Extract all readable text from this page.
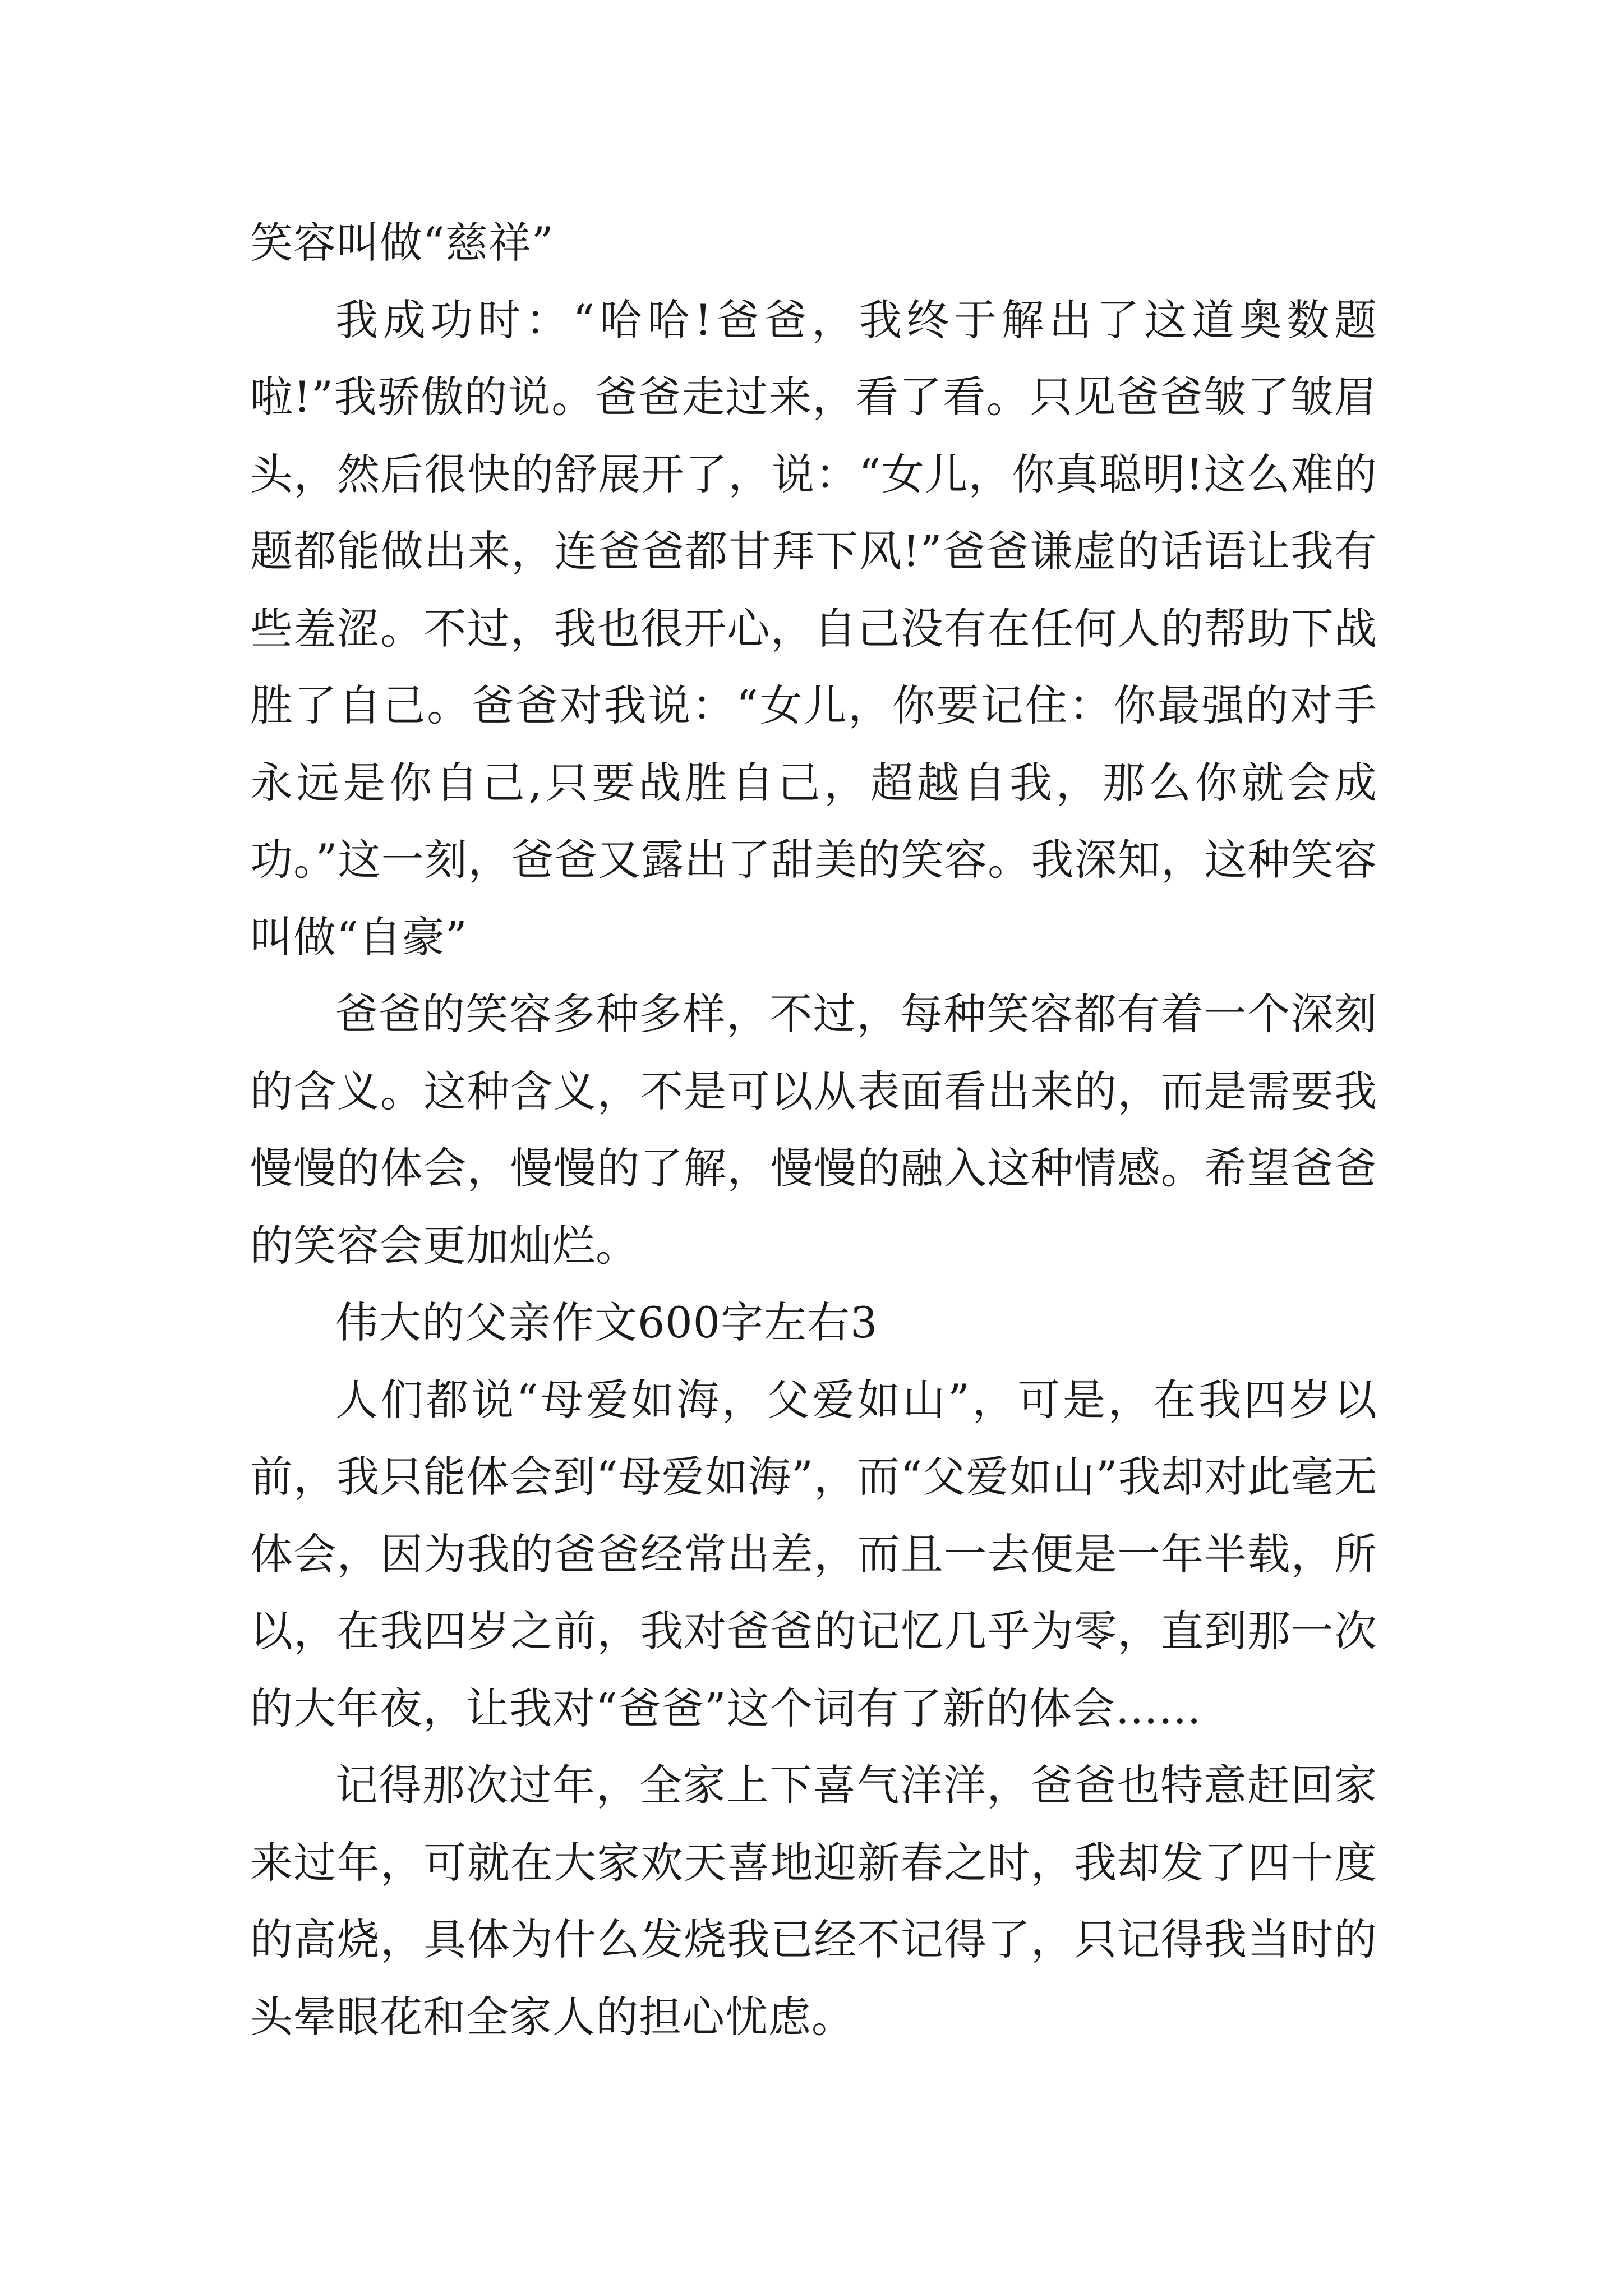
笑容叫做“慈祥”

我成功时：“哈哈!爸爸，我终于解出了这道奥数题啦!”我骄傲的说。爸爸走过来，看了看。只见爸爸皱了皱眉头，然后很快的舒展开了，说：“女儿，你真聪明!这么难的题都能做出来，连爸爸都甘拜下风!”爸爸谦虚的话语让我有些羞涩。不过，我也很开心，自己没有在任何人的帮助下战胜了自己。爸爸对我说：“女儿，你要记住：你最强的对手永远是你自己,只要战胜自己，超越自我，那么你就会成功。”这一刻，爸爸又露出了甜美的笑容。我深知，这种笑容叫做“自豪”

爸爸的笑容多种多样，不过，每种笑容都有着一个深刻的含义。这种含义，不是可以从表面看出来的，而是需要我慢慢的体会，慢慢的了解，慢慢的融入这种情感。希望爸爸的笑容会更加灿烂。

伟大的父亲作文600字左右3

人们都说“母爱如海，父爱如山”，可是，在我四岁以前，我只能体会到“母爱如海”，而“父爱如山”我却对此毫无体会，因为我的爸爸经常出差，而且一去便是一年半载，所以，在我四岁之前，我对爸爸的记忆几乎为零，直到那一次的大年夜，让我对“爸爸”这个词有了新的体会……

记得那次过年，全家上下喜气洋洋，爸爸也特意赶回家来过年，可就在大家欢天喜地迎新春之时，我却发了四十度的高烧，具体为什么发烧我已经不记得了，只记得我当时的头晕眼花和全家人的担心忧虑。
